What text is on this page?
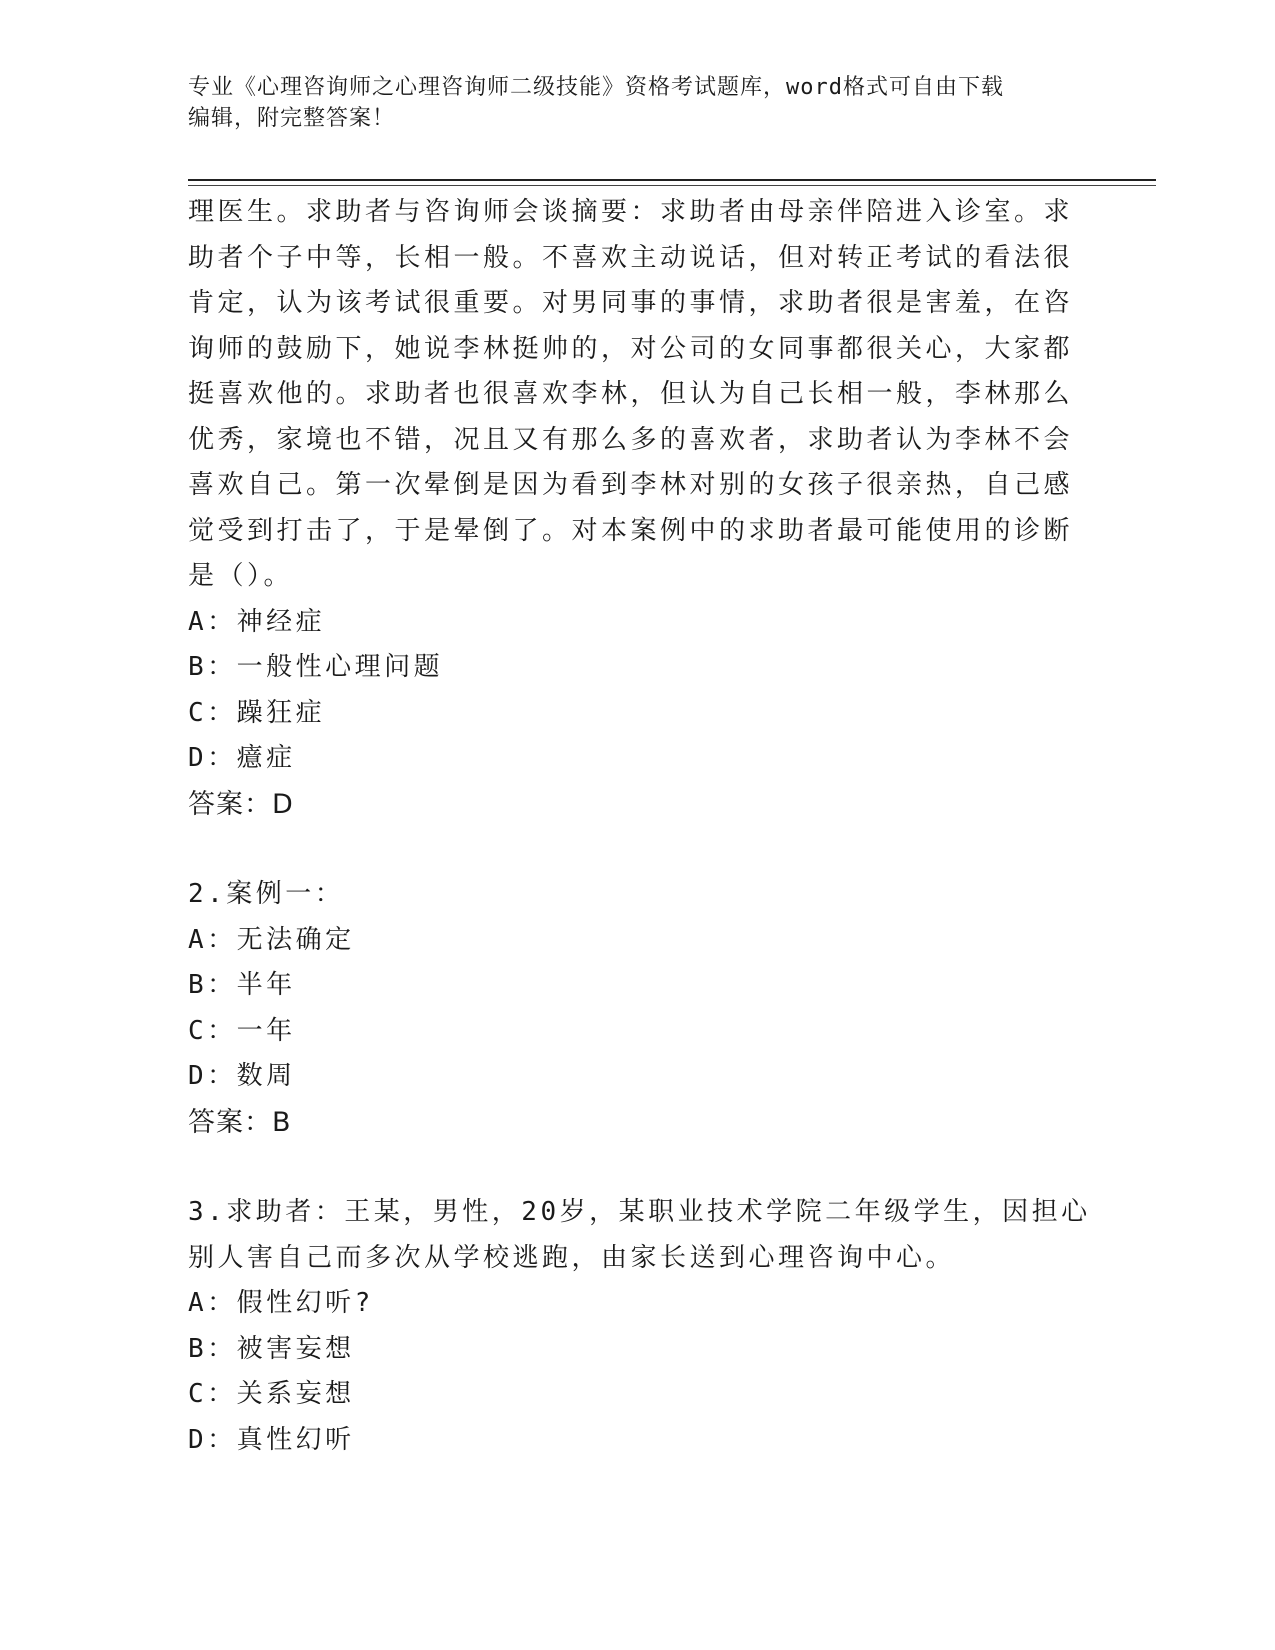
专业《心理咨询师之心理咨询师二级技能》资格考试题库，word格式可自由下载
编辑，附完整答案！
理医生。求助者与咨询师会谈摘要：求助者由母亲伴陪进入诊室。求
助者个子中等，长相一般。不喜欢主动说话，但对转正考试的看法很
肯定，认为该考试很重要。对男同事的事情，求助者很是害羞，在咨
询师的鼓励下，她说李林挺帅的，对公司的女同事都很关心，大家都
挺喜欢他的。求助者也很喜欢李林，但认为自己长相一般，李林那么
优秀，家境也不错，况且又有那么多的喜欢者，求助者认为李林不会
喜欢自己。第一次晕倒是因为看到李林对别的女孩子很亲热，自己感
觉受到打击了，于是晕倒了。对本案例中的求助者最可能使用的诊断
是（）。
A：神经症
B：一般性心理问题
C：躁狂症
D：癔症
答案：D
2.案例一：
A：无法确定
B：半年
C：一年
D：数周
答案：B
3.求助者：王某，男性，20岁，某职业技术学院二年级学生，因担心
别人害自己而多次从学校逃跑，由家长送到心理咨询中心。
A：假性幻听?
B：被害妄想
C：关系妄想
D：真性幻听
